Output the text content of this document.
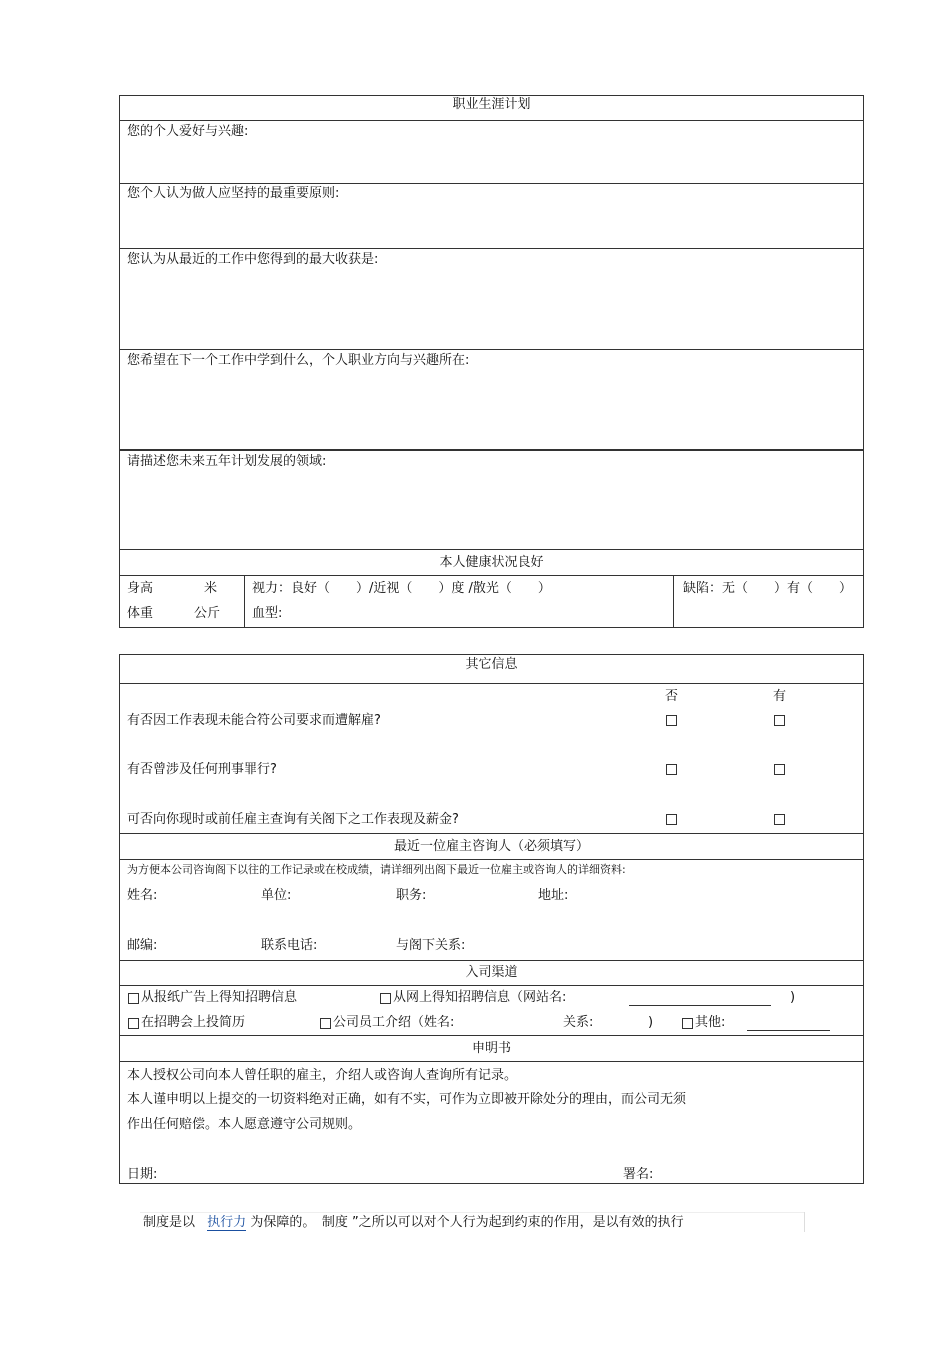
职业生涯计划
您的个人爱好与兴趣:
您个人认为做人应坚持的最重要原则:
您认为从最近的工作中您得到的最大收获是:
您希望在下一个工作中学到什么，个人职业方向与兴趣所在:
请描述您未来五年计划发展的领域:
本人健康状况良好
身高	米
体重	公斤
视力：良好（　　）/近视（　　）度 /散光（　　）
血型:
缺陷：无（　　）有（　　）
其它信息
否	有
有否因工作表现未能合符公司要求而遭解雇?
有否曾涉及任何刑事罪行?
可否向你现时或前任雇主查询有关阁下之工作表现及薪金?
最近一位雇主咨询人（必须填写）
为方便本公司咨询阁下以往的工作记录或在校成绩，请详细列出阁下最近一位雇主或咨询人的详细资料:
姓名:	单位:	职务:	地址:
邮编:	联系电话:	与阁下关系:
入司渠道
从报纸广告上得知招聘信息	从网上得知招聘信息（网站名:	)
在招聘会上投简历	公司员工介绍（姓名:	关系:	)	其他:
申明书
本人授权公司向本人曾任职的雇主，介绍人或咨询人查询所有记录。
本人谨申明以上提交的一切资料绝对正确，如有不实，可作为立即被开除处分的理由，而公司无须
作出任何赔偿。本人愿意遵守公司规则。
日期:	署名:
制度是以 执行力 为保障的。　制度 ”之所以可以对个人行为起到约束的作用，是以有效的执行
